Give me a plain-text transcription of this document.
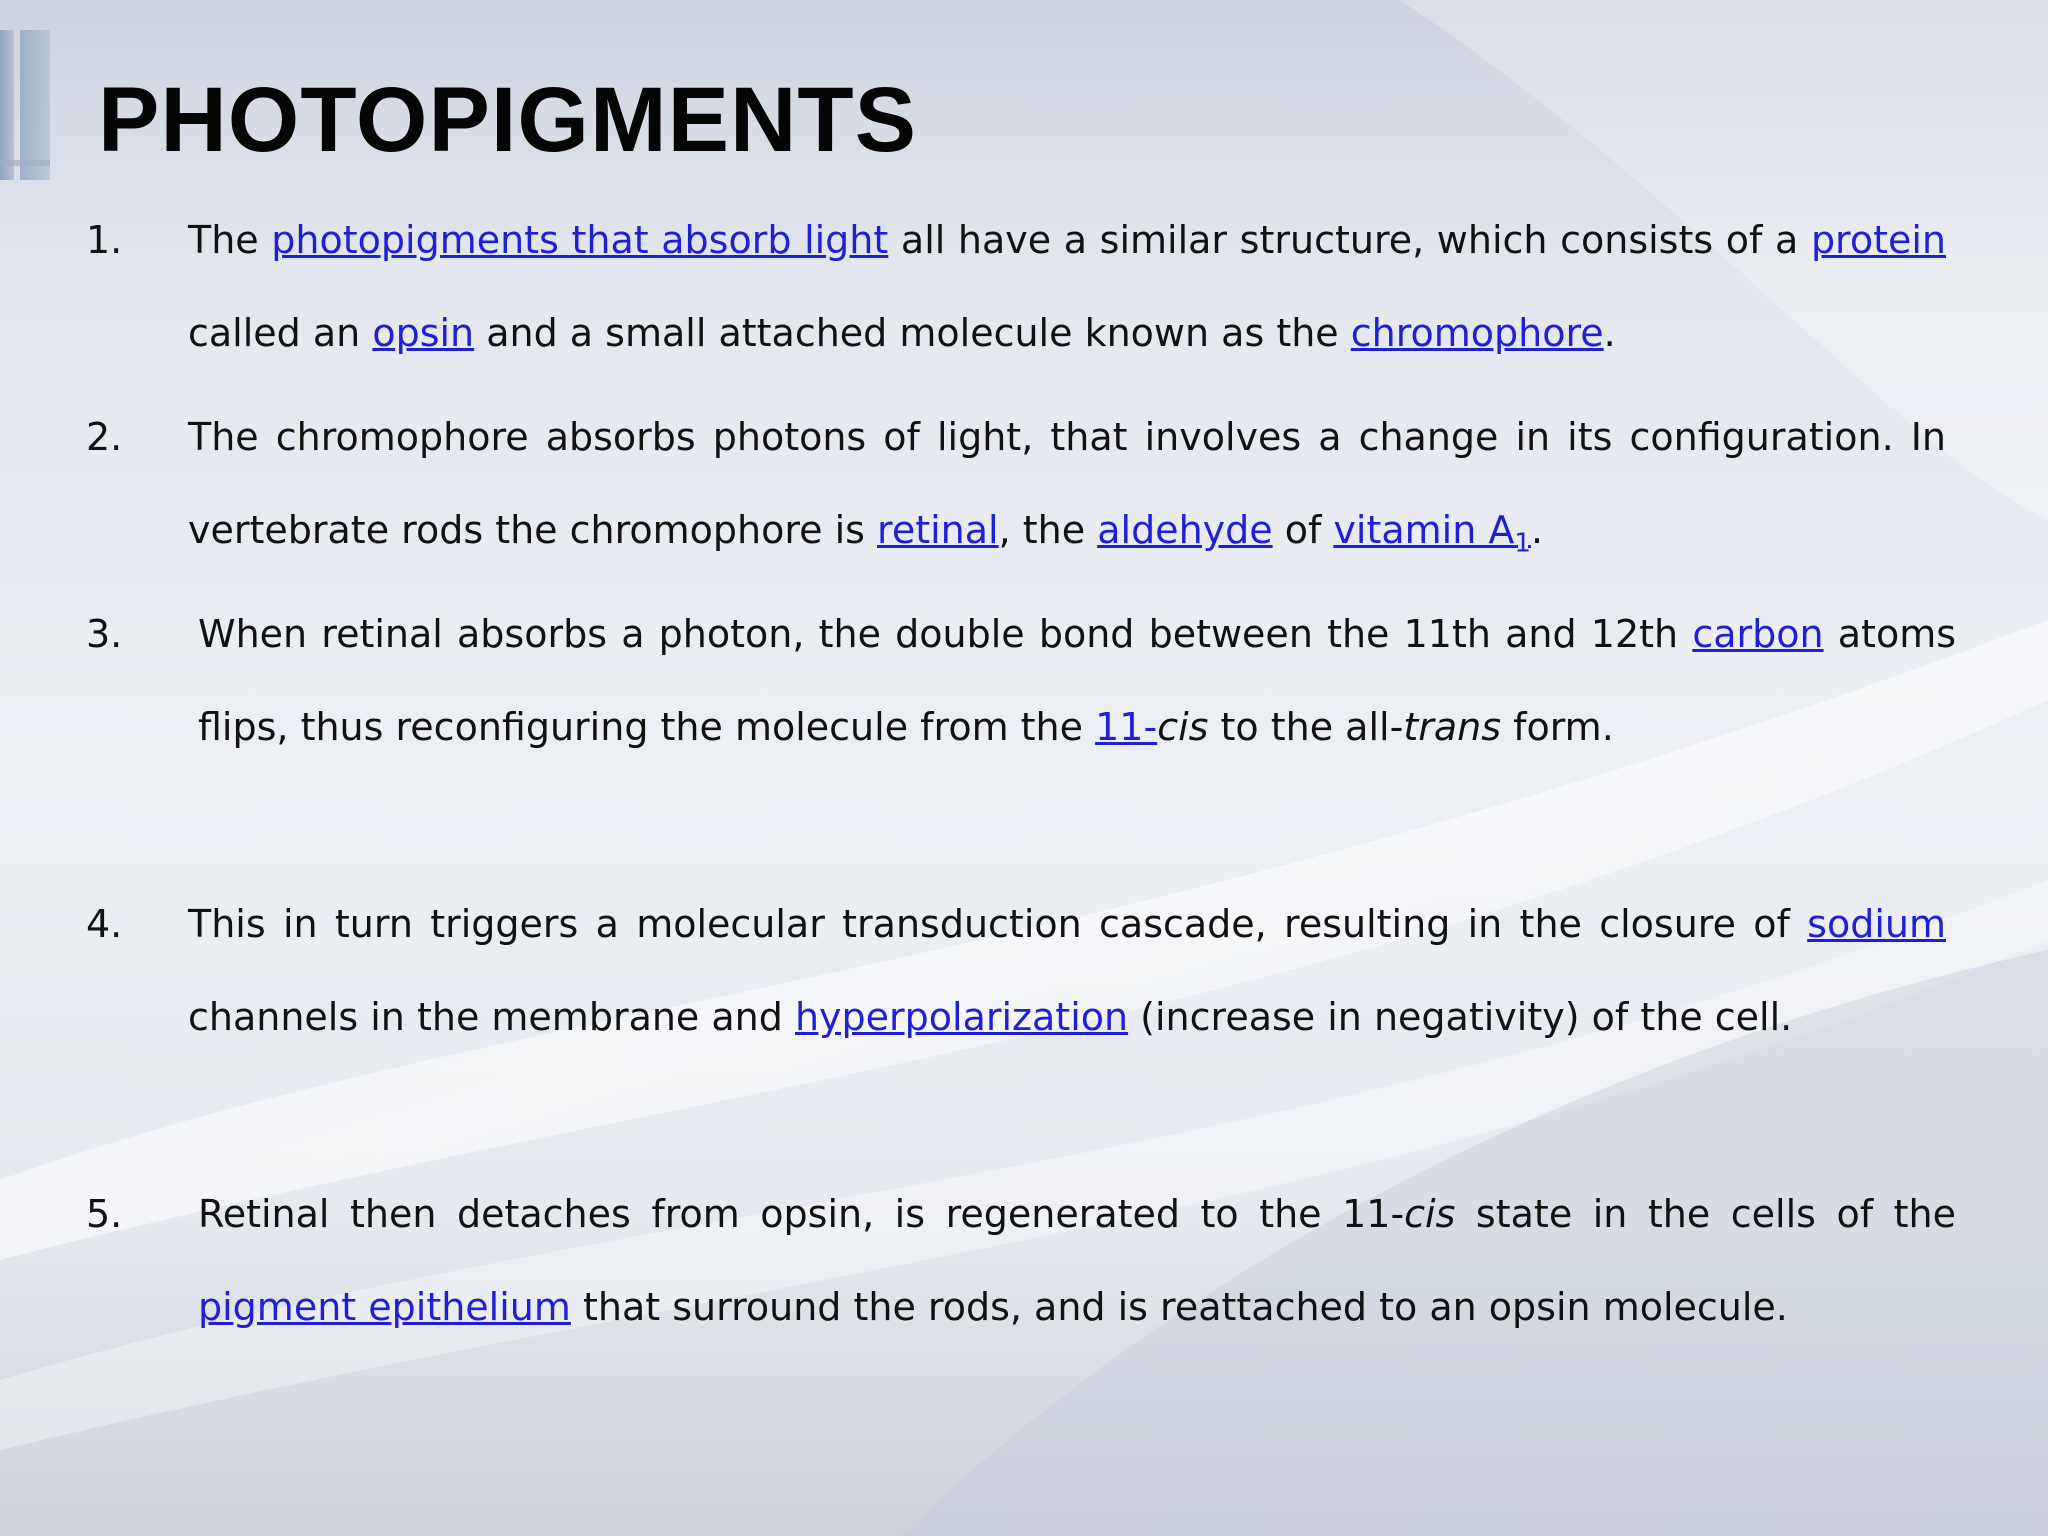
PHOTOPIGMENTS
1. The photopigments that absorb light all have a similar structure, which consists of a protein called an opsin and a small attached molecule known as the chromophore.
2. The chromophore absorbs photons of light, that involves a change in its configuration. In vertebrate rods the chromophore is retinal, the aldehyde of vitamin $A_1$.
3. When retinal absorbs a photon, the double bond between the 11th and 12th carbon atoms flips, thus reconfiguring the molecule from the 11-cis to the all-trans form.
4. This in turn triggers a molecular transduction cascade, resulting in the closure of sodium channels in the membrane and hyperpolarization (increase in negativity) of the cell.
5. Retinal then detaches from opsin, is regenerated to the 11-cis state in the cells of the pigment epithelium that surround the rods, and is reattached to an opsin molecule.
